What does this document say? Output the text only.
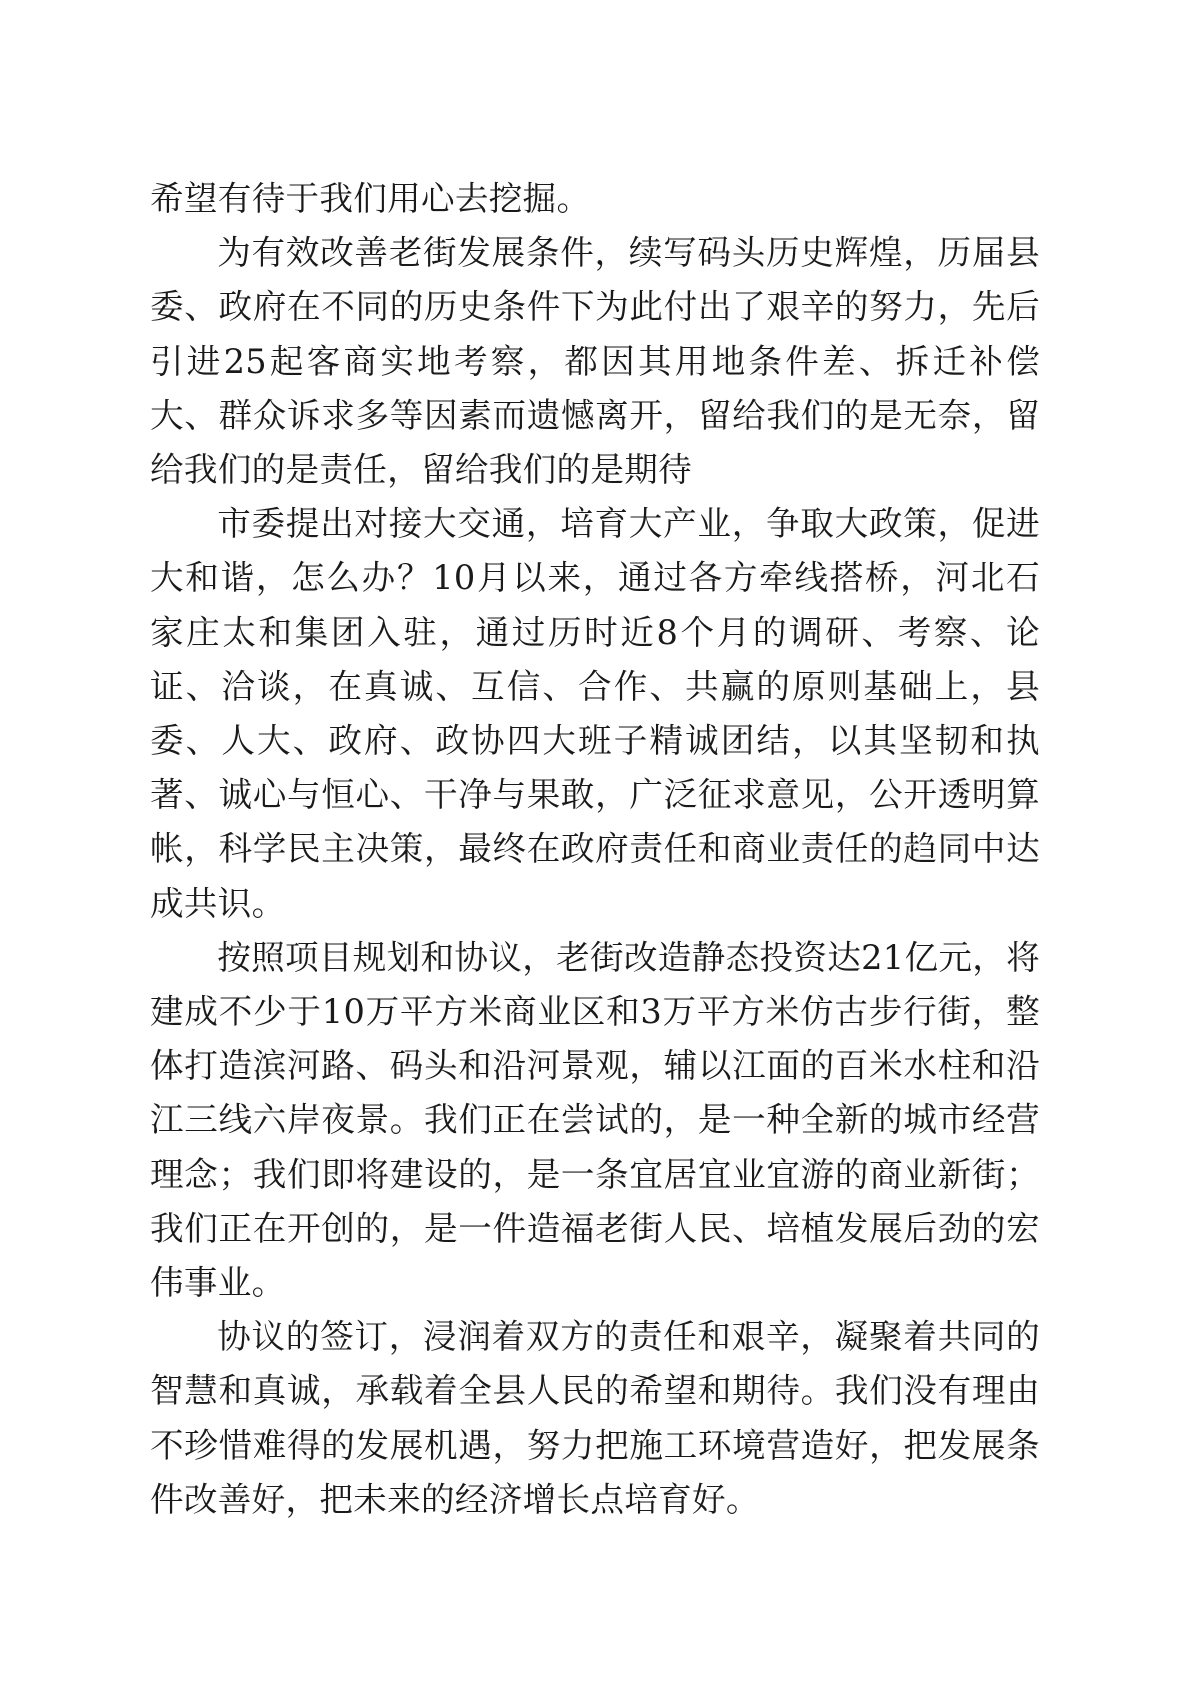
希望有待于我们用心去挖掘。

为有效改善老街发展条件，续写码头历史辉煌，历届县委、政府在不同的历史条件下为此付出了艰辛的努力，先后引进25起客商实地考察，都因其用地条件差、拆迁补偿大、群众诉求多等因素而遗憾离开，留给我们的是无奈，留给我们的是责任，留给我们的是期待

市委提出对接大交通，培育大产业，争取大政策，促进大和谐，怎么办？10月以来，通过各方牵线搭桥，河北石家庄太和集团入驻，通过历时近8个月的调研、考察、论证、洽谈，在真诚、互信、合作、共赢的原则基础上，县委、人大、政府、政协四大班子精诚团结，以其坚韧和执著、诚心与恒心、干净与果敢，广泛征求意见，公开透明算帐，科学民主决策，最终在政府责任和商业责任的趋同中达成共识。

按照项目规划和协议，老街改造静态投资达21亿元，将建成不少于10万平方米商业区和3万平方米仿古步行街，整体打造滨河路、码头和沿河景观，辅以江面的百米水柱和沿江三线六岸夜景。我们正在尝试的，是一种全新的城市经营理念；我们即将建设的，是一条宜居宜业宜游的商业新街；我们正在开创的，是一件造福老街人民、培植发展后劲的宏伟事业。

协议的签订，浸润着双方的责任和艰辛，凝聚着共同的智慧和真诚，承载着全县人民的希望和期待。我们没有理由不珍惜难得的发展机遇，努力把施工环境营造好，把发展条件改善好，把未来的经济增长点培育好。
